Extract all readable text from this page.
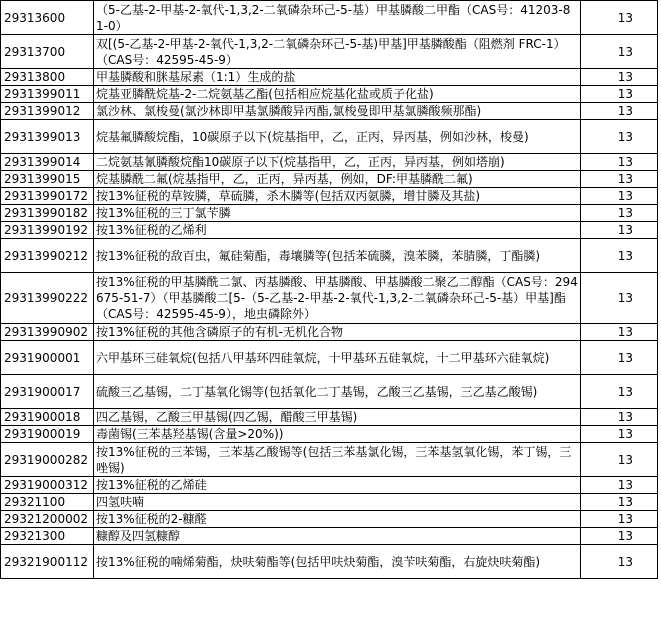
29313600	（5-乙基-2-甲基-2-氧代-1,3,2-二氧磷杂环己-5-基）甲基膦酸二甲酯（CAS号：41203-81-0）	13
29313700	双[(5-乙基-2-甲基-2-氧代-1,3,2-二氧磷杂环己-5-基)甲基]甲基膦酸酯（阻燃剂 FRC-1）（CAS号：42595-45-9）	13
29313800	甲基膦酸和脒基尿素（1:1）生成的盐	13
2931399011	烷基亚膦酰烷基-2-二烷氨基乙酯(包括相应烷基化盐或质子化盐)	13
2931399012	氯沙林、氯梭曼(氯沙林即甲基氯膦酸异丙酯,氯梭曼即甲基氯膦酸频那酯)	13
2931399013	烷基氟膦酸烷酯，10碳原子以下(烷基指甲，乙，正丙，异丙基，例如沙林，梭曼)	13
2931399014	二烷氨基氰膦酸烷酯10碳原子以下(烷基指甲，乙，正丙，异丙基，例如塔崩)	13
2931399015	烷基膦酰二氟(烷基指甲，乙，正丙，异丙基，例如，DF:甲基膦酰二氟)	13
29313990172	按13%征税的草铵膦，草硫膦，杀木膦等(包括双丙氨膦，增甘膦及其盐)	13
29313990182	按13%征税的三丁氯苄膦	13
29313990192	按13%征税的乙烯利	13
29313990212	按13%征税的敌百虫，氟硅菊酯，毒壤膦等(包括苯硫膦，溴苯膦，苯腈膦，丁酯膦)	13
29313990222	按13%征税的甲基膦酰二氯、丙基膦酸、甲基膦酸、甲基膦酸二聚乙二醇酯（CAS号：294675-51-7）（甲基膦酸二[5-（5-乙基-2-甲基-2-氧代-1,3,2-二氧磷杂环己-5-基）甲基]酯（CAS号：42595-45-9），地虫磷除外）	13
29313990902	按13%征税的其他含磷原子的有机-无机化合物	13
2931900001	六甲基环三硅氧烷(包括八甲基环四硅氧烷，十甲基环五硅氧烷，十二甲基环六硅氧烷)	13
2931900017	硫酸三乙基锡，二丁基氧化锡等(包括氧化二丁基锡，乙酸三乙基锡，三乙基乙酸锡)	13
2931900018	四乙基锡，乙酸三甲基锡(四乙锡，醋酸三甲基锡)	13
2931900019	毒菌锡(三苯基羟基锡(含量>20%))	13
29319000282	按13%征税的三苯锡，三苯基乙酸锡等(包括三苯基氯化锡，三苯基氢氧化锡，苯丁锡，三唑锡)	13
29319000312	按13%征税的乙烯硅	13
29321100	四氢呋喃	13
29321200002	按13%征税的2-糠醛	13
29321300	糠醇及四氢糠醇	13
29321900112	按13%征税的喃烯菊酯，炔呋菊酯等(包括甲呋炔菊酯，溴苄呋菊酯，右旋炔呋菊酯)	13
